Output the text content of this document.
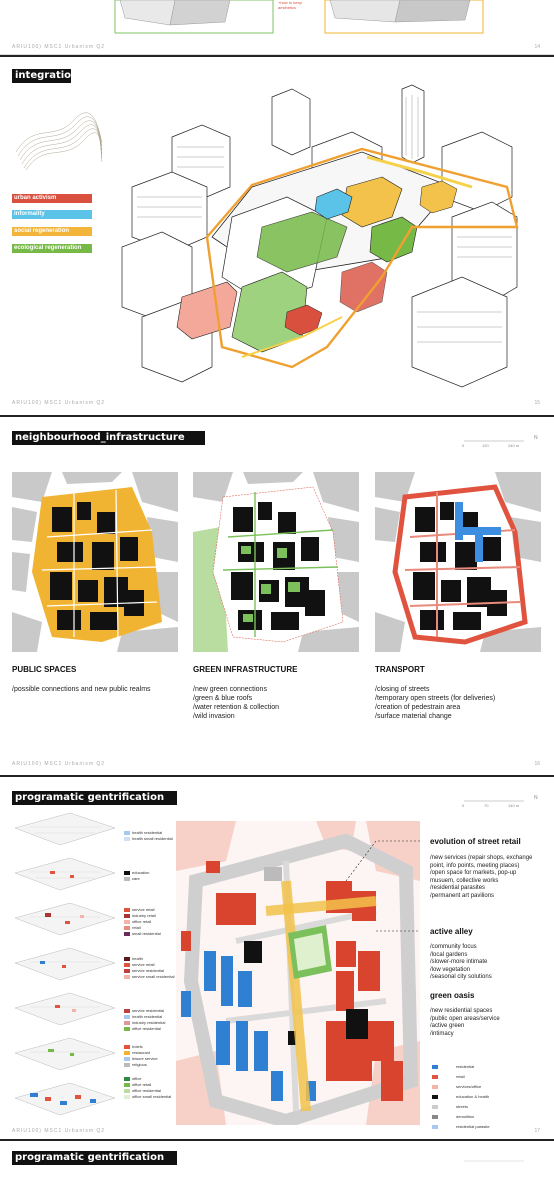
+how to keep
aesthetics
ARIU100) MSC1 Urbanism Q2	14
integration
urban activism
informality
social regeneration
ecological regeneration
ARIU100) MSC1 Urbanism Q2	15
neighbourhood_infrastructure
0	120	240 m
N
PUBLIC SPACES
/possible connections and new public realms
GREEN INFRASTRUCTURE
/new green connections
/green & blue roofs
/water retention & collection
/wild invasion
TRANSPORT
/closing of streets
/temporary open streets (for deliveries)
/creation of pedestrain area
/surface material change
ARIU100) MSC1 Urbanism Q2	16
programatic gentrification
0	70	140 m
N
health residential
health small residential
education
care
service retail
industry retail
office retail
retail
small residential
health
service retail
service residential
service small residential
service residential
health residential
industry residential
office residential
hotels
restaurant
leisure service
religious
office
office retail
office residential
office small residential
evolution of street retail
/new services (repair shops, exchange
point, info points, meeting places)
/open space for markets, pop-up
musuem, collective works
/residential parasites
/permanent art pavilions
active alley
/community focus
/local gardens
/slower-more intimate
/low vegetation
/seasonal city solutions
green oasis
/new residential spaces
/public open areas/service
/active green
/intimacy
residential
retail
services/office
education & health
streets
demolition
residential parasite
ARIU100) MSC1 Urbanism Q2	17
programatic gentrification
